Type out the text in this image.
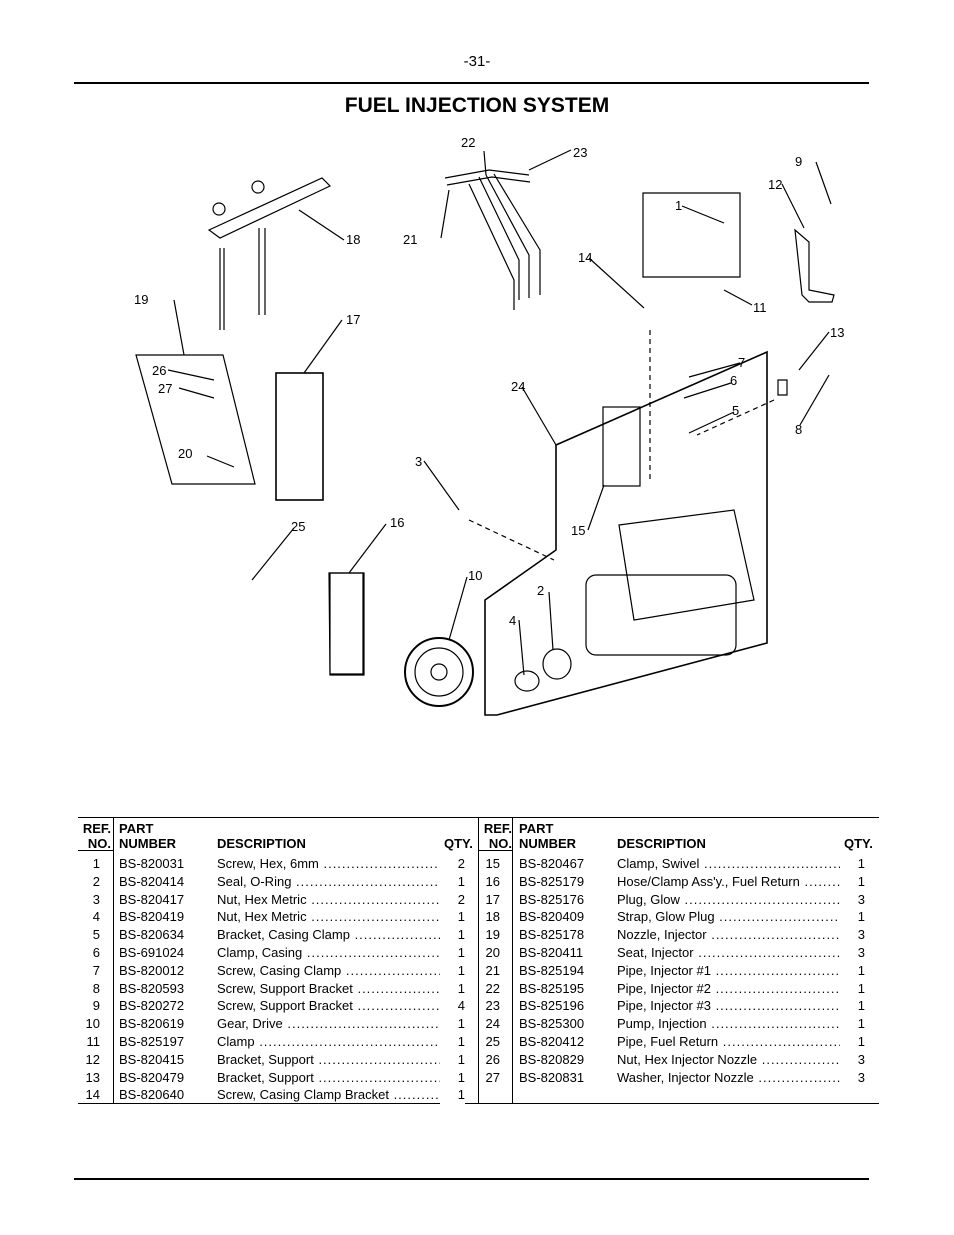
-31-
FUEL INJECTION SYSTEM
22
23
21
18
19
17
26
27
20
25	16
10
2
4
3
24
15
14
1
11
9
12
13
8
7
6
5
REF.
NO.
PART
NUMBER	DESCRIPTION	QTY.
REF.
NO.
PART
NUMBER	DESCRIPTION	QTY.
1 BS-820031	Screw, Hex, 6mm .....	2
2 BS-820414	Seal, O-Ring .....	1
3 BS-820417	Nut, Hex Metric .....	2
4 BS-820419	Nut, Hex Metric .....	1
5 BS-820634	Bracket, Casing Clamp .....	1
6 BS-691024	Clamp, Casing .....	1
7 BS-820012	Screw, Casing Clamp .....	1
8 BS-820593	Screw, Support Bracket .....	1
9 BS-820272	Screw, Support Bracket .....	4
10 BS-820619	Gear, Drive .....	1
11 BS-825197	Clamp .....	1
12 BS-820415	Bracket, Support .....	1
13 BS-820479	Bracket, Support .....	1
14 BS-820640	Screw, Casing Clamp Bracket .....	1
15 BS-820467	Clamp, Swivel .....	1
16 BS-825179	Hose/Clamp Ass'y., Fuel Return .....	1
17 BS-825176	Plug, Glow .....	3
18 BS-820409	Strap, Glow Plug .....	1
19 BS-825178	Nozzle, Injector .....	3
20 BS-820411	Seat, Injector .....	3
21 BS-825194	Pipe, Injector #1 .....	1
22 BS-825195	Pipe, Injector #2 .....	1
23 BS-825196	Pipe, Injector #3 .....	1
24 BS-825300	Pump, Injection .....	1
25 BS-820412	Pipe, Fuel Return .....	1
26 BS-820829	Nut, Hex Injector Nozzle .....	3
27 BS-820831	Washer, Injector Nozzle .....	3
